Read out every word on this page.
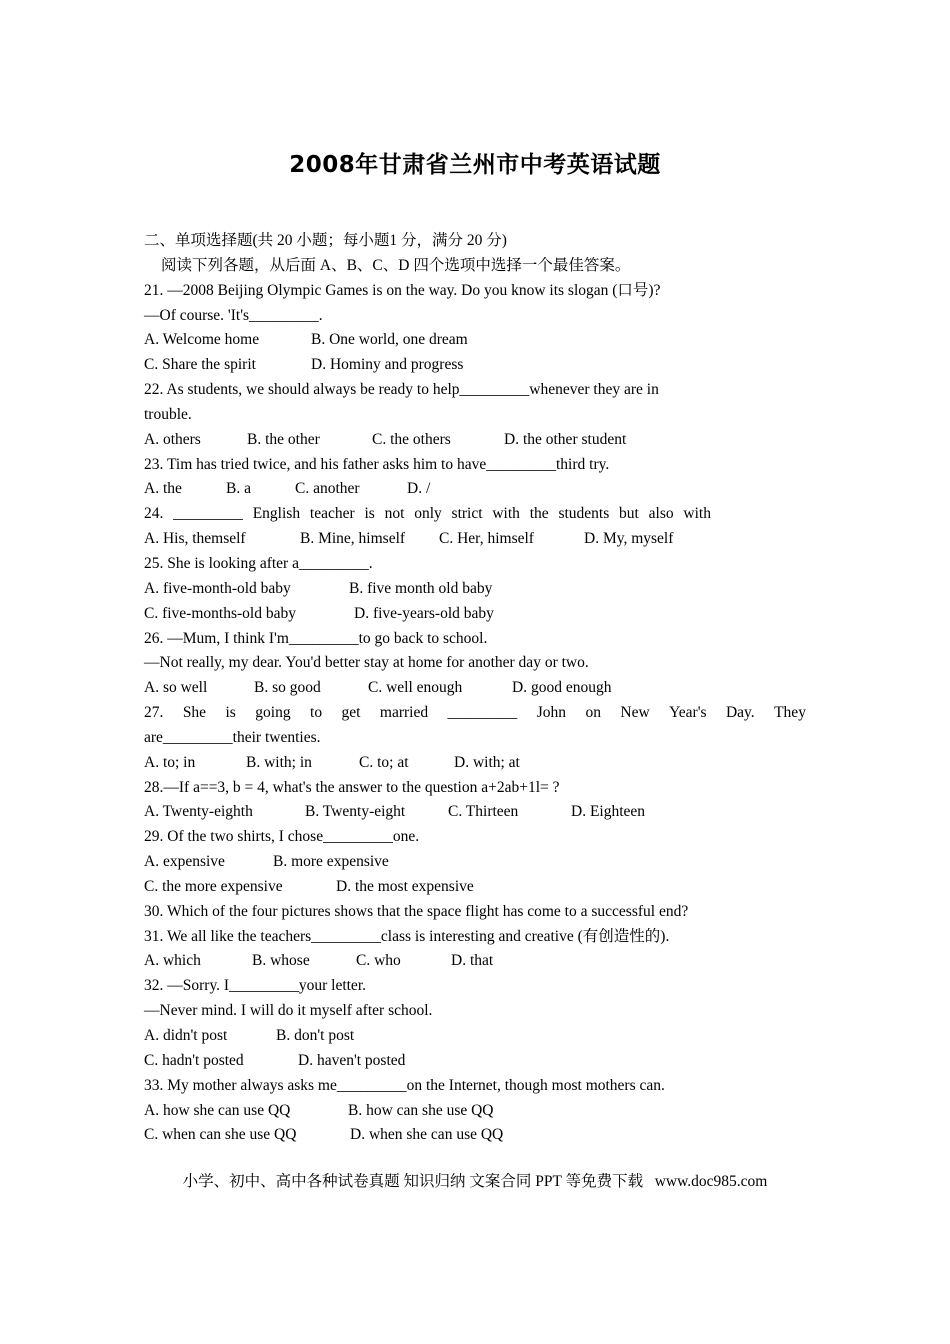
2008年甘肃省兰州市中考英语试题
二、单项选择题(共 20 小题；每小题1 分，满分 20 分)
阅读下列各题，从后面 A、B、C、D 四个选项中选择一个最佳答案。
21. —2008 Beijing Olympic Games is on the way. Do you know its slogan (口号)?
—Of course. 'It's_________.
A. Welcome home	B. One world, one dream
C. Share the spirit	D. Hominy and progress
22. As students, we should always be ready to help_________whenever they are in
trouble.
A. others	B. the other	C. the others	D. the other student
23. Tim has tried twice, and his father asks him to have_________third try.
A. the	B. a	C. another	D. /
24. _________ English teacher is not only strict with the students but also with
A. His, themself	B. Mine, himself	C. Her, himself	D. My, myself
25. She is looking after a_________.
A. five-month-old baby	B. five month old baby
C. five-months-old baby	D. five-years-old baby
26. —Mum, I think I'm_________to go back to school.
—Not really, my dear. You'd better stay at home for another day or two.
A. so well	B. so good	C. well enough	D. good enough
27. She is going to get married _________ John on New Year's Day. They
are_________their twenties.
A. to; in	B. with; in	C. to; at	D. with; at
28.—If a==3, b = 4, what's the answer to the question a+2ab+1l= ?
A. Twenty-eighth	B. Twenty-eight	C. Thirteen	D. Eighteen
29. Of the two shirts, I chose_________one.
A. expensive	B. more expensive
C. the more expensive	D. the most expensive
30. Which of the four pictures shows that the space flight has come to a successful end?
31. We all like the teachers_________class is interesting and creative (有创造性的).
A. which	B. whose	C. who	D. that
32. —Sorry. I_________your letter.
—Never mind. I will do it myself after school.
A. didn't post	B. don't post
C. hadn't posted	D. haven't posted
33. My mother always asks me_________on the Internet, though most mothers can.
A. how she can use QQ	B. how can she use QQ
C. when can she use QQ	D. when she can use QQ
小学、初中、高中各种试卷真题 知识归纳 文案合同 PPT 等免费下载   www.doc985.com
